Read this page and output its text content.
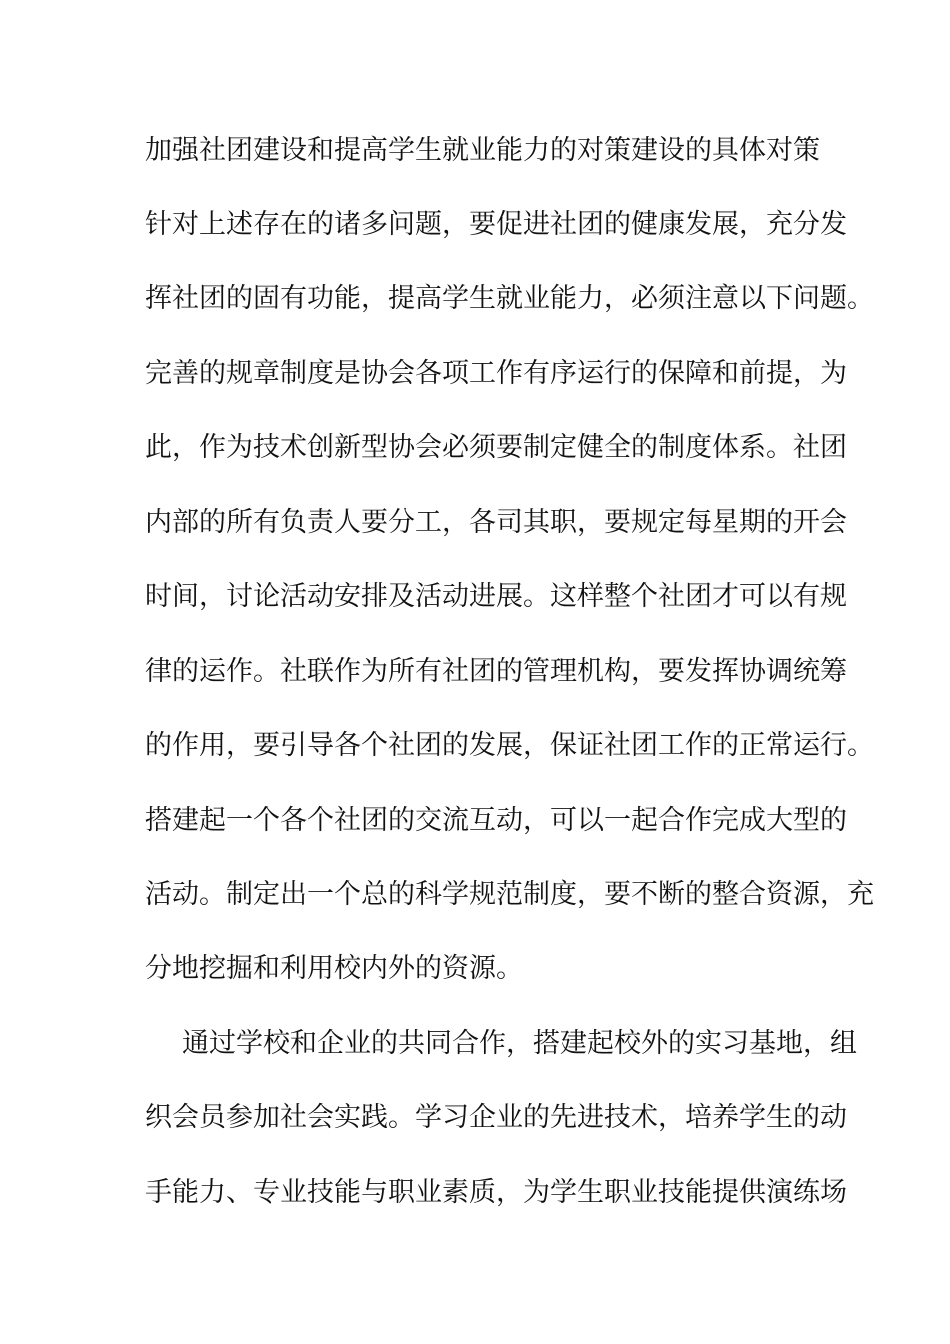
加强社团建设和提高学生就业能力的对策建设的具体对策
针对上述存在的诸多问题，要促进社团的健康发展，充分发
挥社团的固有功能，提高学生就业能力，必须注意以下问题。
完善的规章制度是协会各项工作有序运行的保障和前提，为
此，作为技术创新型协会必须要制定健全的制度体系。社团
内部的所有负责人要分工，各司其职，要规定每星期的开会
时间，讨论活动安排及活动进展。这样整个社团才可以有规
律的运作。社联作为所有社团的管理机构，要发挥协调统筹
的作用，要引导各个社团的发展，保证社团工作的正常运行。
搭建起一个各个社团的交流互动，可以一起合作完成大型的
活动。制定出一个总的科学规范制度，要不断的整合资源，充
分地挖掘和利用校内外的资源。
通过学校和企业的共同合作，搭建起校外的实习基地，组
织会员参加社会实践。学习企业的先进技术，培养学生的动
手能力、专业技能与职业素质，为学生职业技能提供演练场
